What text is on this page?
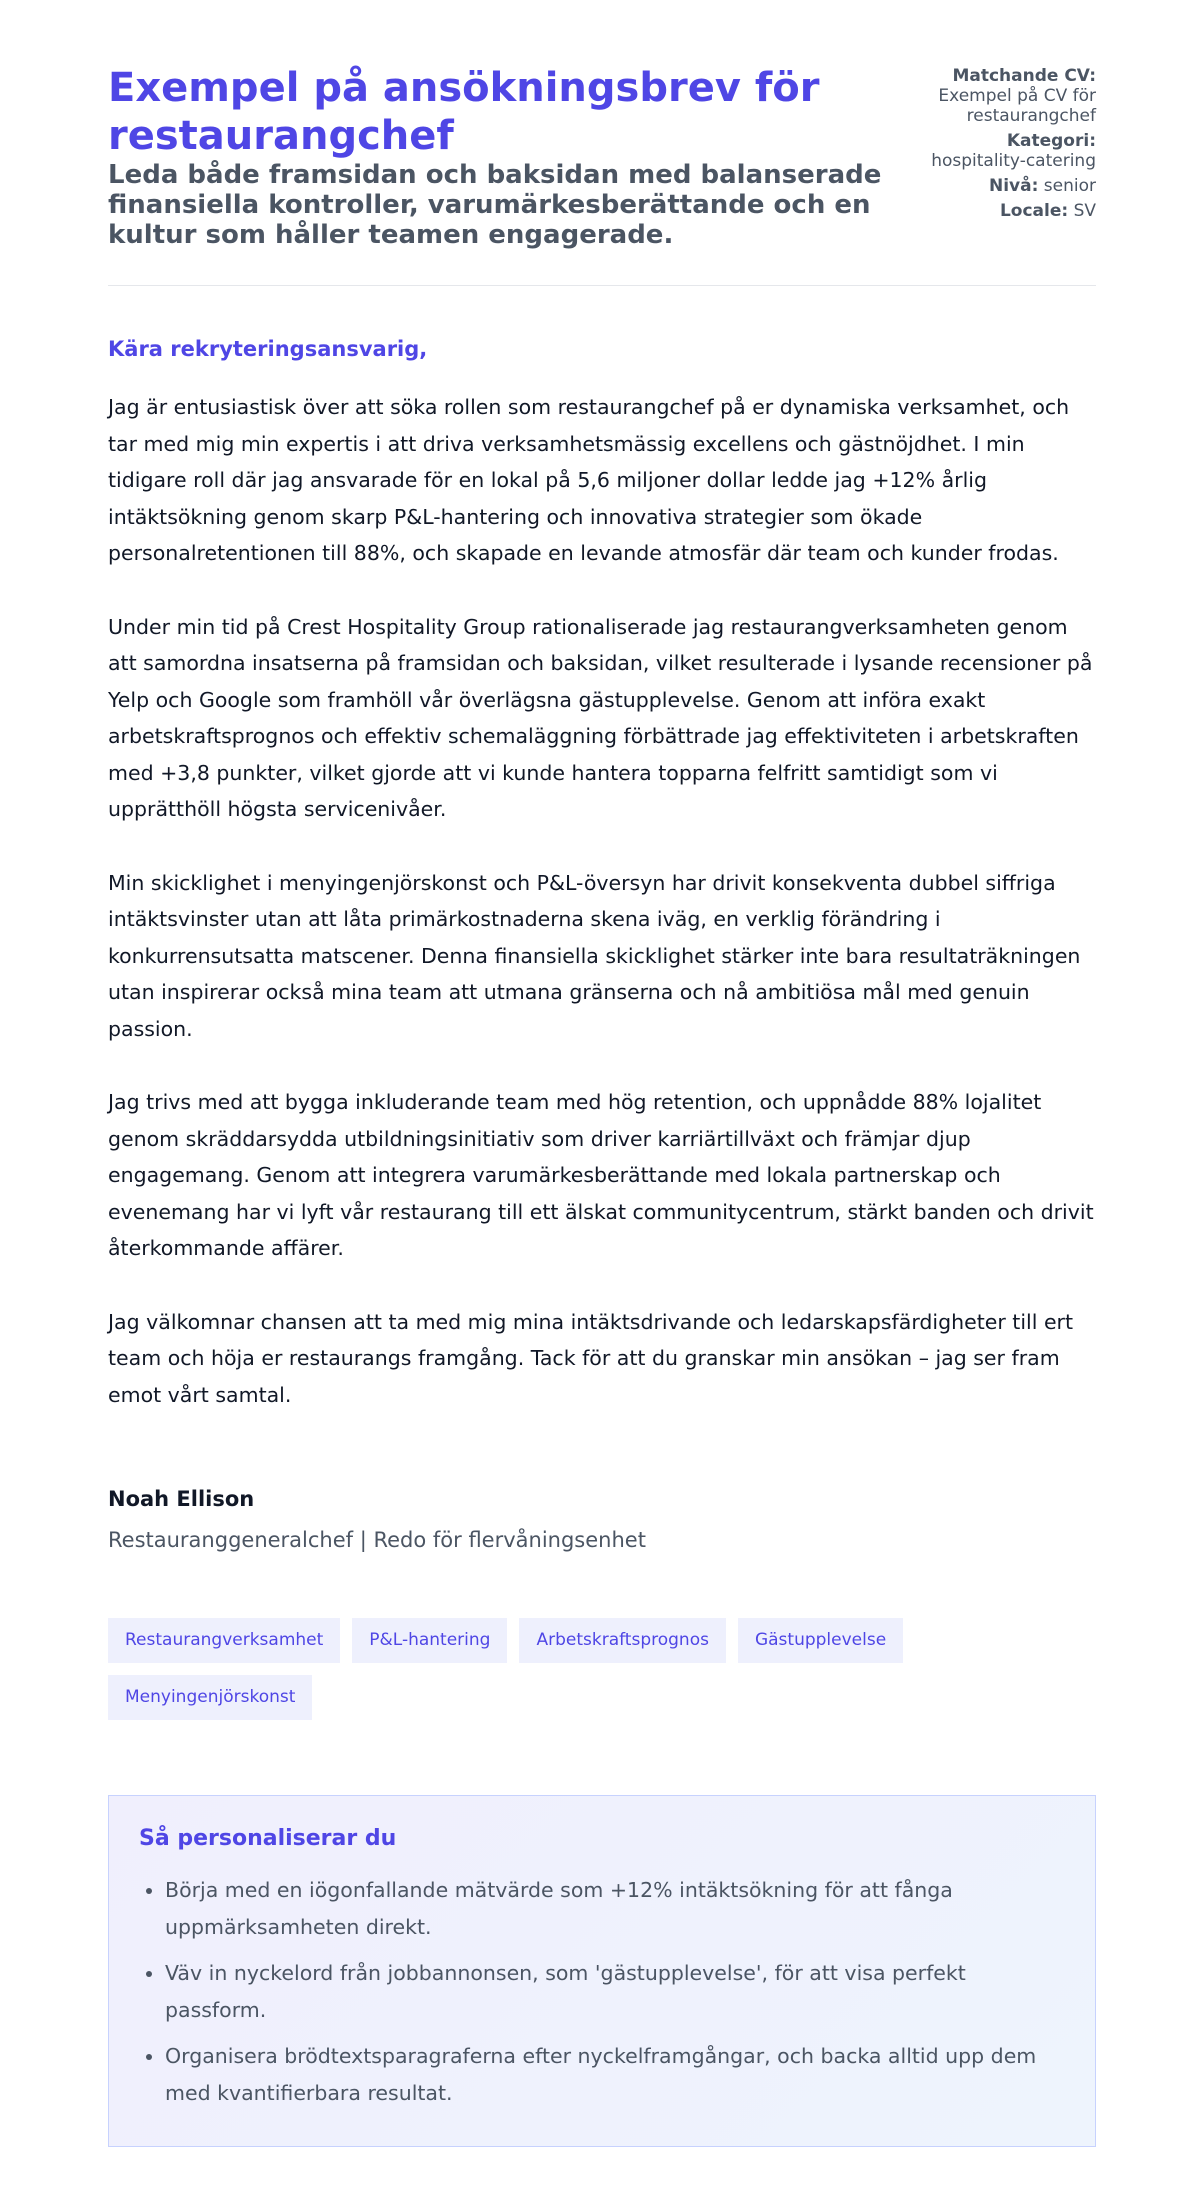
Exempel på ansökningsbrev för restaurangchef
Leda både framsidan och baksidan med balanserade finansiella kontroller, varumärkesberättande och en kultur som håller teamen engagerade.
Matchande CV:
Exempel på CV för restaurangchef
Kategori:
hospitality-catering
Nivå: senior
Locale: SV

Kära rekryteringsansvarig,

Jag är entusiastisk över att söka rollen som restaurangchef på er dynamiska verksamhet, och tar med mig min expertis i att driva verksamhetsmässig excellens och gästnöjdhet. I min tidigare roll där jag ansvarade för en lokal på 5,6 miljoner dollar ledde jag +12% årlig intäktsökning genom skarp P&L-hantering och innovativa strategier som ökade personalretentionen till 88%, och skapade en levande atmosfär där team och kunder frodas.

Under min tid på Crest Hospitality Group rationaliserade jag restaurangverksamheten genom att samordna insatserna på framsidan och baksidan, vilket resulterade i lysande recensioner på Yelp och Google som framhöll vår överlägsna gästupplevelse. Genom att införa exakt arbetskraftsprognos och effektiv schemaläggning förbättrade jag effektiviteten i arbetskraften med +3,8 punkter, vilket gjorde att vi kunde hantera topparna felfritt samtidigt som vi upprätthöll högsta servicenivåer.

Min skicklighet i menyingenjörskonst och P&L-översyn har drivit konsekventa dubbel siffriga intäktsvinster utan att låta primärkostnaderna skena iväg, en verklig förändring i konkurrensutsatta matscener. Denna finansiella skicklighet stärker inte bara resultaträkningen utan inspirerar också mina team att utmana gränserna och nå ambitiösa mål med genuin passion.

Jag trivs med att bygga inkluderande team med hög retention, och uppnådde 88% lojalitet genom skräddarsydda utbildningsinitiativ som driver karriärtillväxt och främjar djup engagemang. Genom att integrera varumärkesberättande med lokala partnerskap och evenemang har vi lyft vår restaurang till ett älskat communitycentrum, stärkt banden och drivit återkommande affärer.

Jag välkomnar chansen att ta med mig mina intäktsdrivande och ledarskapsfärdigheter till ert team och höja er restaurangs framgång. Tack för att du granskar min ansökan – jag ser fram emot vårt samtal.

Noah Ellison

Restauranggeneralchef | Redo för flervåningsenhet

Restaurangverksamhet	P&L-hantering	Arbetskraftsprognos	Gästupplevelse
Menyingenjörskonst
Så personaliserar du
• Börja med en iögonfallande mätvärde som +12% intäktsökning för att fånga uppmärksamheten direkt.
• Väv in nyckelord från jobbannonsen, som 'gästupplevelse', för att visa perfekt passform.
• Organisera brödtextsparagraferna efter nyckelframgångar, och backa alltid upp dem med kvantifierbara resultat.
